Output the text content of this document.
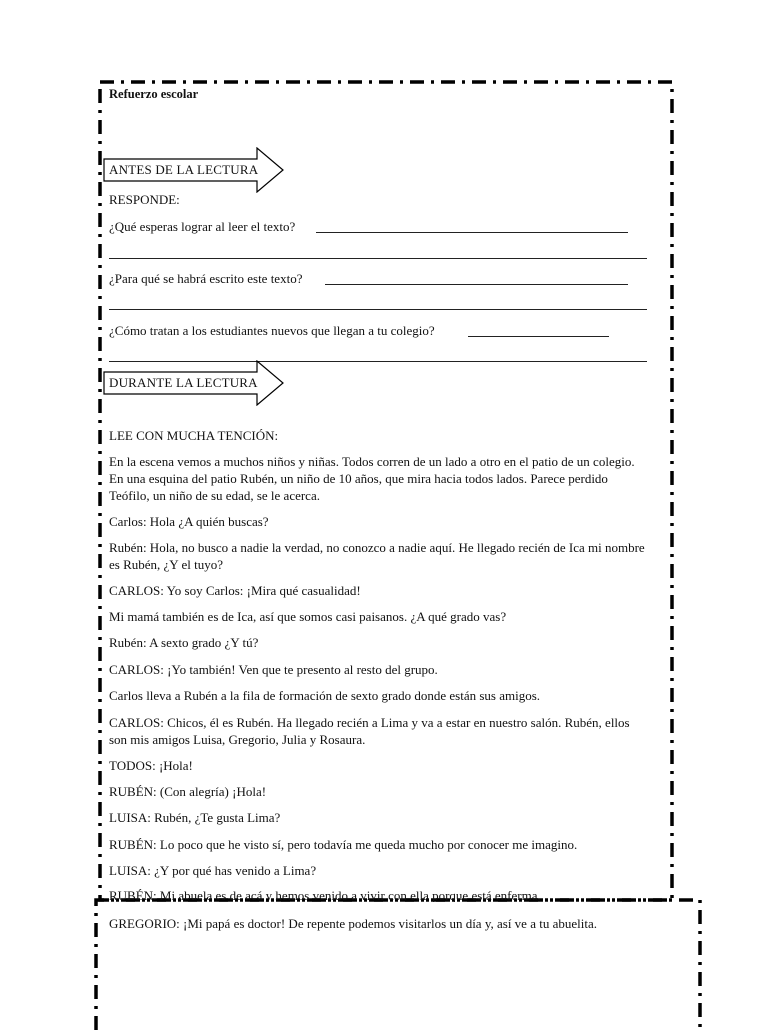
Refuerzo escolar
ANTES DE LA LECTURA
RESPONDE:
¿Qué esperas lograr al leer el texto?
¿Para qué se habrá escrito este texto?
¿Cómo tratan a los estudiantes nuevos que llegan a tu colegio?
DURANTE LA LECTURA
LEE CON MUCHA TENCIÓN:
En la escena vemos a muchos niños y niñas. Todos corren de un lado a otro en el patio de un colegio. En una esquina del patio Rubén, un niño de 10 años, que mira hacia todos lados. Parece perdido Teófilo, un niño de su edad, se le acerca.
Carlos: Hola ¿A quién buscas?
Rubén: Hola, no busco a nadie la verdad, no conozco a nadie aquí. He llegado recién de Ica mi nombre es Rubén, ¿Y el tuyo?
CARLOS: Yo soy Carlos: ¡Mira qué casualidad!
Mi mamá también es de Ica, así que somos casi paisanos. ¿A qué grado vas?
Rubén: A sexto grado ¿Y tú?
CARLOS: ¡Yo también! Ven que te presento al resto del grupo.
Carlos lleva a Rubén a la fila de formación de sexto grado donde están sus amigos.
CARLOS: Chicos, él es Rubén. Ha llegado recién a Lima y va a estar en nuestro salón. Rubén, ellos son mis amigos Luisa, Gregorio, Julia y Rosaura.
TODOS: ¡Hola!
RUBÉN: (Con alegría) ¡Hola!
LUISA: Rubén, ¿Te gusta Lima?
RUBÉN: Lo poco que he visto sí, pero todavía me queda mucho por conocer me imagino.
LUISA: ¿Y por qué has venido a Lima?
RUBÉN: Mi abuela es de acá y hemos venido a vivir con ella porque está enferma.
GREGORIO: ¡Mi papá es doctor! De repente podemos visitarlos un día y, así ve a tu abuelita.
